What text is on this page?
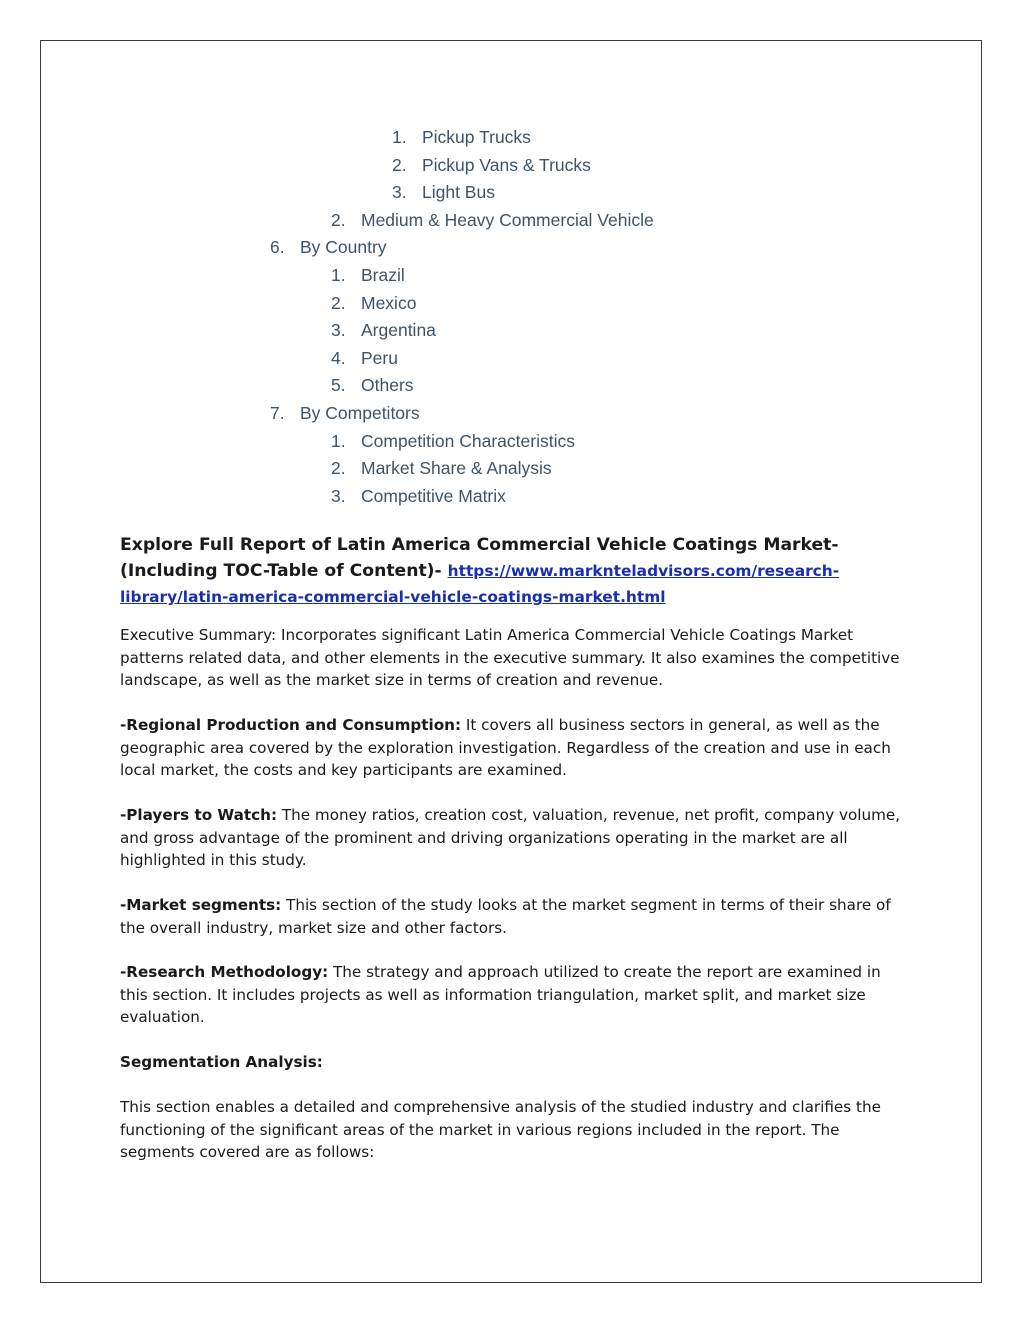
1. Pickup Trucks
2. Pickup Vans & Trucks
3. Light Bus
2. Medium & Heavy Commercial Vehicle
6. By Country
1. Brazil
2. Mexico
3. Argentina
4. Peru
5. Others
7. By Competitors
1. Competition Characteristics
2. Market Share & Analysis
3. Competitive Matrix

Explore Full Report of Latin America Commercial Vehicle Coatings Market- (Including TOC-Table of Content)- https://www.marknteladvisors.com/research-library/latin-america-commercial-vehicle-coatings-market.html

Executive Summary: Incorporates significant Latin America Commercial Vehicle Coatings Market patterns related data, and other elements in the executive summary. It also examines the competitive landscape, as well as the market size in terms of creation and revenue.

-Regional Production and Consumption: It covers all business sectors in general, as well as the geographic area covered by the exploration investigation. Regardless of the creation and use in each local market, the costs and key participants are examined.

-Players to Watch: The money ratios, creation cost, valuation, revenue, net profit, company volume, and gross advantage of the prominent and driving organizations operating in the market are all highlighted in this study.

-Market segments: This section of the study looks at the market segment in terms of their share of the overall industry, market size and other factors.

-Research Methodology: The strategy and approach utilized to create the report are examined in this section. It includes projects as well as information triangulation, market split, and market size evaluation.

Segmentation Analysis:

This section enables a detailed and comprehensive analysis of the studied industry and clarifies the functioning of the significant areas of the market in various regions included in the report. The segments covered are as follows:
